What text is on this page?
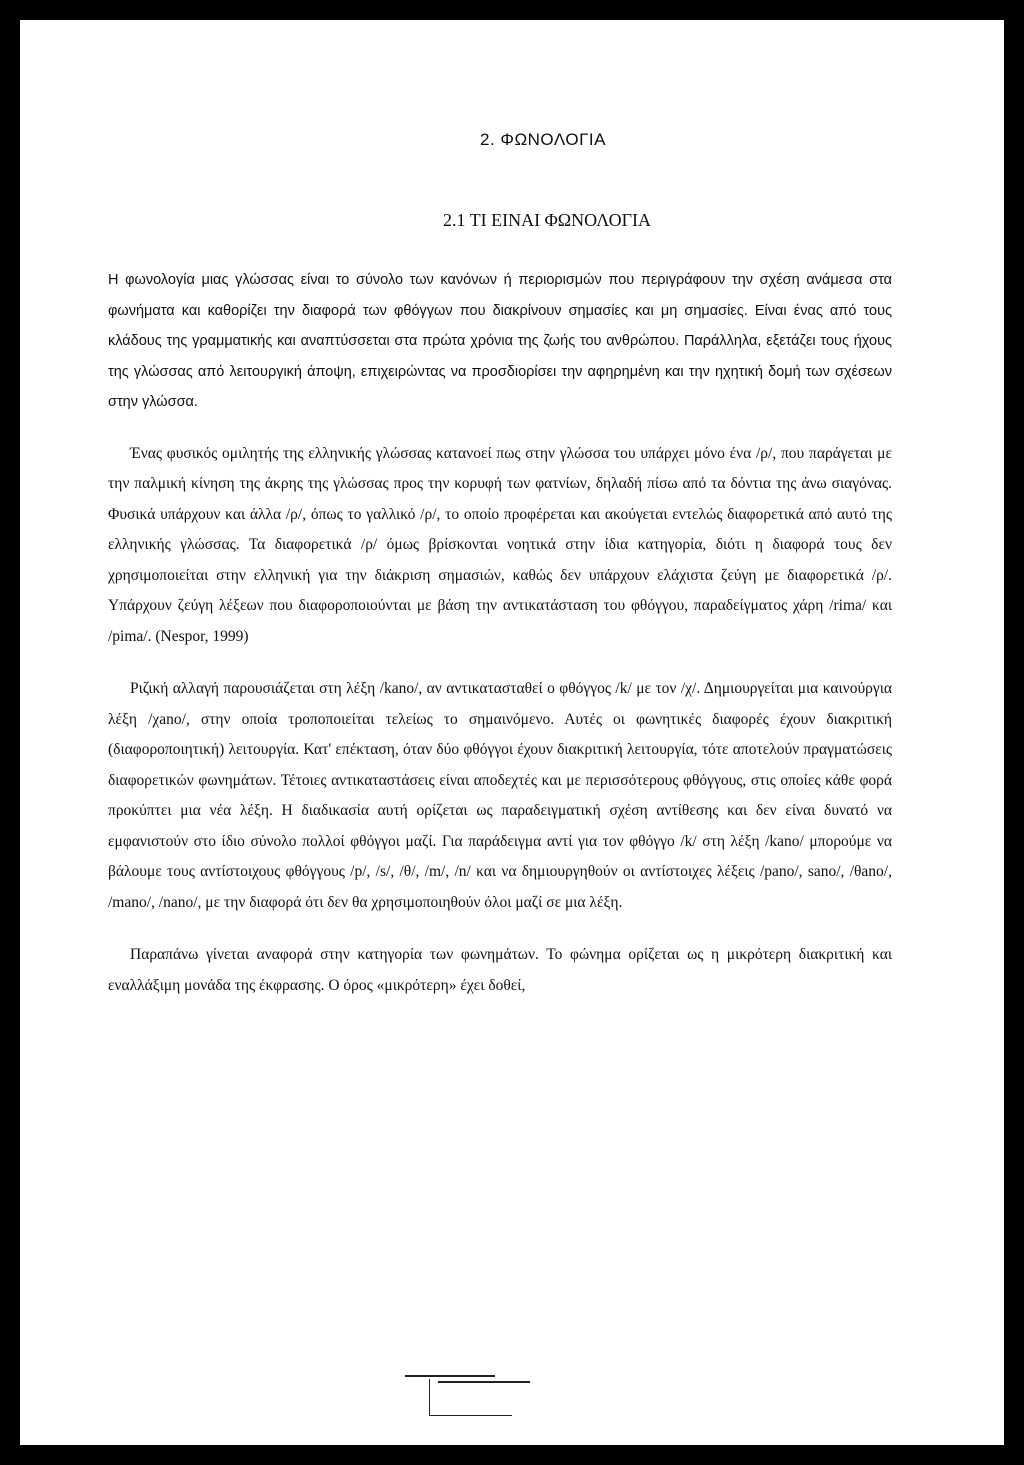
2. ΦΩΝΟΛΟΓΙΑ
2.1 ΤΙ ΕΙΝΑΙ ΦΩΝΟΛΟΓΙΑ

Η φωνολογία μιας γλώσσας είναι το σύνολο των κανόνων ή περιορισμών που περιγράφουν την σχέση ανάμεσα στα φωνήματα και καθορίζει την διαφορά των φθόγγων που διακρίνουν σημασίες και μη σημασίες. Είναι ένας από τους κλάδους της γραμματικής και αναπτύσσεται στα πρώτα χρόνια της ζωής του ανθρώπου. Παράλληλα, εξετάζει τους ήχους της γλώσσας από λειτουργική άποψη, επιχειρώντας να προσδιορίσει την αφηρημένη και την ηχητική δομή των σχέσεων στην γλώσσα.

Ένας φυσικός ομιλητής της ελληνικής γλώσσας κατανοεί πως στην γλώσσα του υπάρχει μόνο ένα /ρ/, που παράγεται με την παλμική κίνηση της άκρης της γλώσσας προς την κορυφή των φατνίων, δηλαδή πίσω από τα δόντια της άνω σιαγόνας. Φυσικά υπάρχουν και άλλα /ρ/, όπως το γαλλικό /ρ/, το οποίο προφέρεται και ακούγεται εντελώς διαφορετικά από αυτό της ελληνικής γλώσσας. Τα διαφορετικά /ρ/ όμως βρίσκονται νοητικά στην ίδια κατηγορία, διότι η διαφορά τους δεν χρησιμοποιείται στην ελληνική για την διάκριση σημασιών, καθώς δεν υπάρχουν ελάχιστα ζεύγη με διαφορετικά /ρ/. Υπάρχουν ζεύγη λέξεων που διαφοροποιούνται με βάση την αντικατάσταση του φθόγγου, παραδείγματος χάρη /rima/ και /pima/. (Nespor, 1999)

Ριζική αλλαγή παρουσιάζεται στη λέξη /kano/, αν αντικατασταθεί ο φθόγγος /k/ με τον /χ/. Δημιουργείται μια καινούργια λέξη /χano/, στην οποία τροποποιείται τελείως το σημαινόμενο. Αυτές οι φωνητικές διαφορές έχουν διακριτική (διαφοροποιητική) λειτουργία. Κατ' επέκταση, όταν δύο φθόγγοι έχουν διακριτική λειτουργία, τότε αποτελούν πραγματώσεις διαφορετικών φωνημάτων. Τέτοιες αντικαταστάσεις είναι αποδεχτές και με περισσότερους φθόγγους, στις οποίες κάθε φορά προκύπτει μια νέα λέξη. Η διαδικασία αυτή ορίζεται ως παραδειγματική σχέση αντίθεσης και δεν είναι δυνατό να εμφανιστούν στο ίδιο σύνολο πολλοί φθόγγοι μαζί. Για παράδειγμα αντί για τον φθόγγο /k/ στη λέξη /kano/ μπορούμε να βάλουμε τους αντίστοιχους φθόγγους /p/, /s/, /θ/, /m/, /n/ και να δημιουργηθούν οι αντίστοιχες λέξεις /pano/, sano/, /θano/, /mano/, /nano/, με την διαφορά ότι δεν θα χρησιμοποιηθούν όλοι μαζί σε μια λέξη.

Παραπάνω γίνεται αναφορά στην κατηγορία των φωνημάτων. Το φώνημα ορίζεται ως η μικρότερη διακριτική και εναλλάξιμη μονάδα της έκφρασης. Ο όρος «μικρότερη» έχει δοθεί,
